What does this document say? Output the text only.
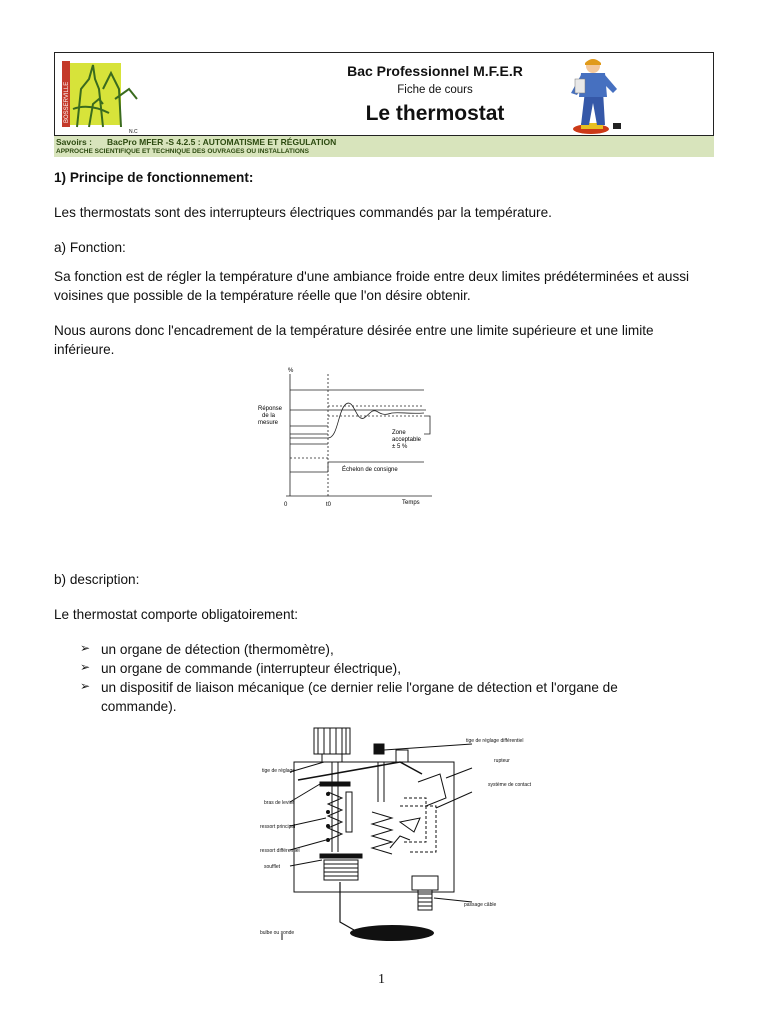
BOSSERVILLE
N.C
Bac Professionnel M.F.E.R
Fiche de cours
Le thermostat
Savoirs : BacPro MFER -S 4.2.5 : AUTOMATISME ET RÉGULATION
APPROCHE SCIENTIFIQUE ET TECHNIQUE DES OUVRAGES OU INSTALLATIONS
1) Principe de fonctionnement:
Les thermostats sont des interrupteurs électriques commandés par la température.
a) Fonction:
Sa fonction est de régler la température d'une ambiance froide entre deux limites prédéterminées et aussi voisines que possible de la température réelle que l'on désire obtenir.
Nous aurons donc l'encadrement de la température désirée entre une limite supérieure et une limite inférieure.
%
Réponse
de la
mesure
Zone
acceptable
± 5 %
Échelon de consigne
0	t0	Temps
b) description:
Le thermostat comporte obligatoirement:
➢ un organe de détection (thermomètre),
➢ un organe de commande (interrupteur électrique),
➢ un dispositif de liaison mécanique (ce dernier relie l'organe de détection et l'organe de commande).
tige de réglage
bras de levier
ressort principal
ressort différentiel
soufflet
tige de réglage différentiel
rupteur
système de contact
passage câble
bulbe ou sonde
1
